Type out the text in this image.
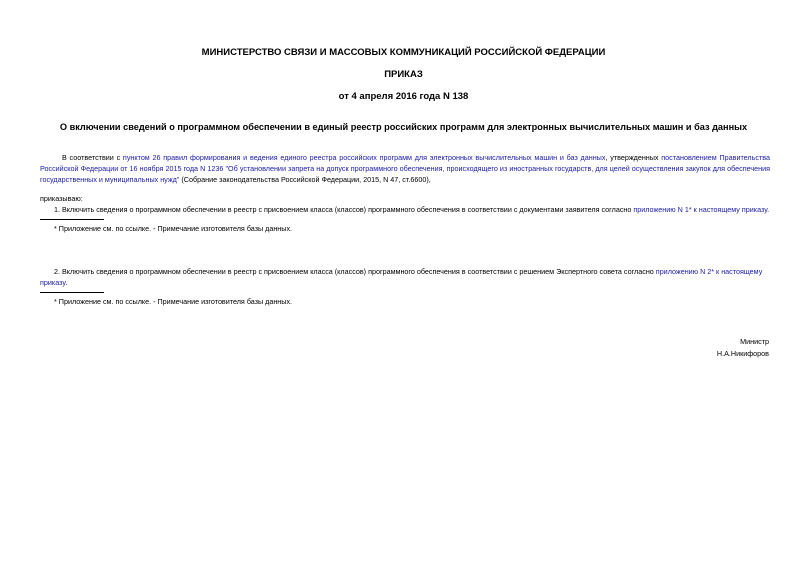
МИНИСТЕРСТВО СВЯЗИ И МАССОВЫХ КОММУНИКАЦИЙ РОССИЙСКОЙ ФЕДЕРАЦИИ
ПРИКАЗ
от 4 апреля 2016 года N 138
О включении сведений о программном обеспечении в единый реестр российских программ для электронных вычислительных машин и баз данных
В соответствии с пунктом 26 правил формирования и ведения единого реестра российских программ для электронных вычислительных машин и баз данных, утвержденных постановлением Правительства Российской Федерации от 16 ноября 2015 года N 1236 "Об установлении запрета на допуск программного обеспечения, происходящего из иностранных государств, для целей осуществления закупок для обеспечения государственных и муниципальных нужд" (Собрание законодательства Российской Федерации, 2015, N 47, ст.6600),
приказываю:
1. Включить сведения о программном обеспечении в реестр с присвоением класса (классов) программного обеспечения в соответствии с документами заявителя согласно приложению N 1* к настоящему приказу.
* Приложение см. по ссылке. - Примечание изготовителя базы данных.
2. Включить сведения о программном обеспечении в реестр с присвоением класса (классов) программного обеспечения в соответствии с решением Экспертного совета согласно приложению N 2* к настоящему приказу.
* Приложение см. по ссылке. - Примечание изготовителя базы данных.
Министр
Н.А.Никифоров
